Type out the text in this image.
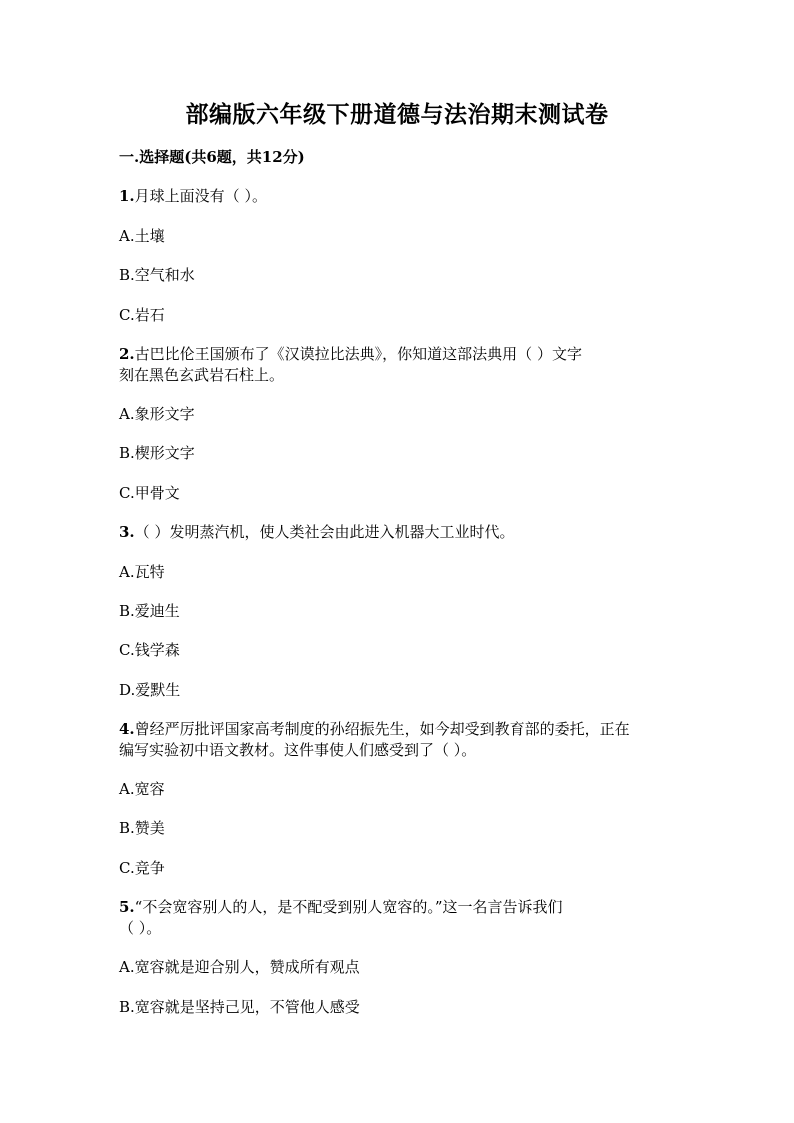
部编版六年级下册道德与法治期末测试卷

一.选择题(共6题，共12分)

1.月球上面没有（ ）。

A.土壤

B.空气和水

C.岩石

2.古巴比伦王国颁布了《汉谟拉比法典》，你知道这部法典用（ ）文字

刻在黑色玄武岩石柱上。

A.象形文字

B.楔形文字

C.甲骨文

3.（ ）发明蒸汽机，使人类社会由此进入机器大工业时代。

A.瓦特

B.爱迪生

C.钱学森

D.爱默生

4.曾经严厉批评国家高考制度的孙绍振先生，如今却受到教育部的委托，正在

编写实验初中语文教材。这件事使人们感受到了（ ）。

A.宽容

B.赞美

C.竞争

5.“不会宽容别人的人，是不配受到别人宽容的。”这一名言告诉我们

（ ）。

A.宽容就是迎合别人，赞成所有观点

B.宽容就是坚持己见，不管他人感受
